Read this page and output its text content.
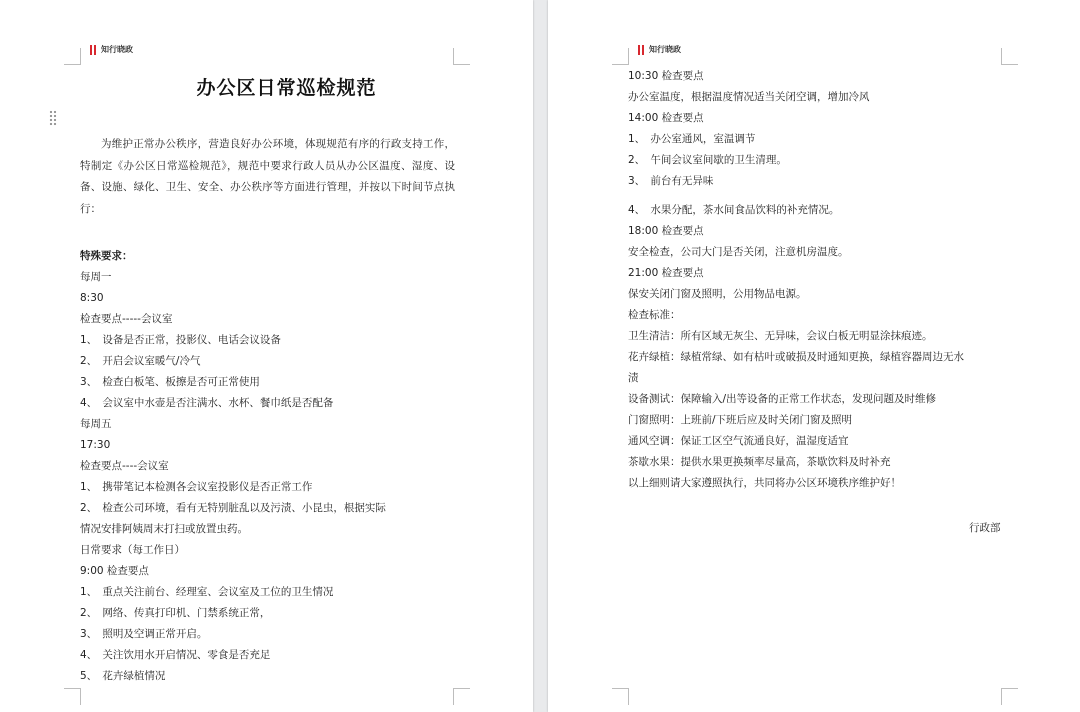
知行晓政
办公区日常巡检规范

为维护正常办公秩序，营造良好办公环境，体现规范有序的行政支持工作，特制定《办公区日常巡检规范》，规范中要求行政人员从办公区温度、湿度、设备、设施、绿化、卫生、安全、办公秩序等方面进行管理，并按以下时间节点执行：

特殊要求：
每周一
8:30
检查要点-----会议室
1、　设备是否正常，投影仪、电话会议设备
2、　开启会议室暖气/冷气
3、　检查白板笔、板擦是否可正常使用
4、　会议室中水壶是否注满水、水杯、餐巾纸是否配备
每周五
17:30
检查要点----会议室
1、　携带笔记本检测各会议室投影仪是否正常工作
2、　检查公司环境，看有无特别脏乱以及污渍、小昆虫，根据实际
情况安排阿姨周末打扫或放置虫药。
日常要求（每工作日）
9:00 检查要点
1、　重点关注前台、经理室、会议室及工位的卫生情况
2、　网络、传真打印机、门禁系统正常，
3、　照明及空调正常开启。
4、　关注饮用水开启情况、零食是否充足
5、　花卉绿植情况
知行晓政
10:30 检查要点
办公室温度，根据温度情况适当关闭空调，增加冷风
14:00 检查要点
1、　办公室通风，室温调节
2、　午间会议室间歇的卫生清理。
3、　前台有无异味
4、　水果分配，茶水间食品饮料的补充情况。
18:00 检查要点
安全检查，公司大门是否关闭，注意机房温度。
21:00 检查要点
保安关闭门窗及照明，公用物品电源。
检查标准：
卫生清洁：所有区域无灰尘、无异味，会议白板无明显涂抹痕迹。
花卉绿植：绿植常绿、如有枯叶或破损及时通知更换，绿植容器周边无水
渍
设备测试：保障输入/出等设备的正常工作状态，发现问题及时维修
门窗照明：上班前/下班后应及时关闭门窗及照明
通风空调：保证工区空气流通良好，温湿度适宜
茶歇水果：提供水果更换频率尽量高，茶歇饮料及时补充
以上细则请大家遵照执行，共同将办公区环境秩序维护好！
行政部
